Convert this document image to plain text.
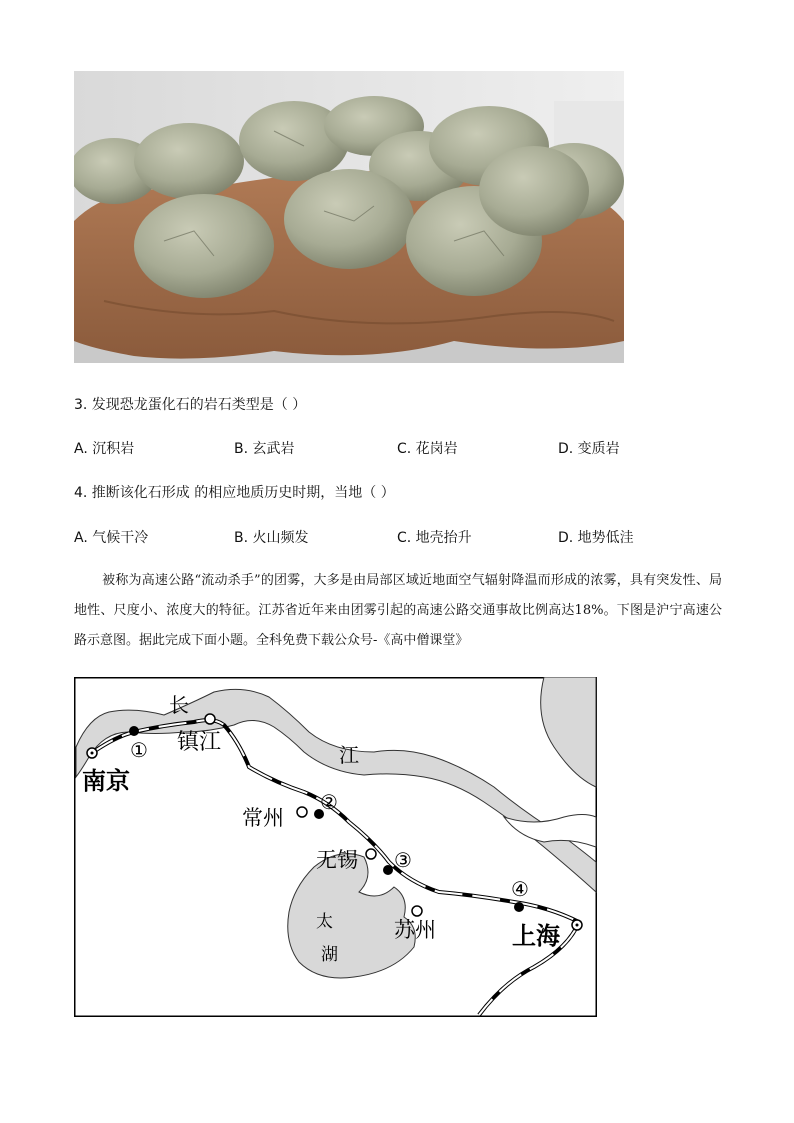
3. 发现恐龙蛋化石的岩石类型是（ ）
A. 沉积岩	B. 玄武岩	C. 花岗岩	D. 变质岩
4. 推断该化石形成 的相应地质历史时期，当地（ ）
A. 气候干冷	B. 火山频发	C. 地壳抬升	D. 地势低洼
被称为高速公路“流动杀手”的团雾，大多是由局部区域近地面空气辐射降温而形成的浓雾，具有突发性、局地性、尺度小、浓度大的特征。江苏省近年来由团雾引起的高速公路交通事故比例高达18%。下图是沪宁高速公路示意图。据此完成下面小题。全科免费下载公众号-《高中僧课堂》
长
江
太
湖
南京
镇江
常州
无锡
苏州	上海
①
②
③
④
